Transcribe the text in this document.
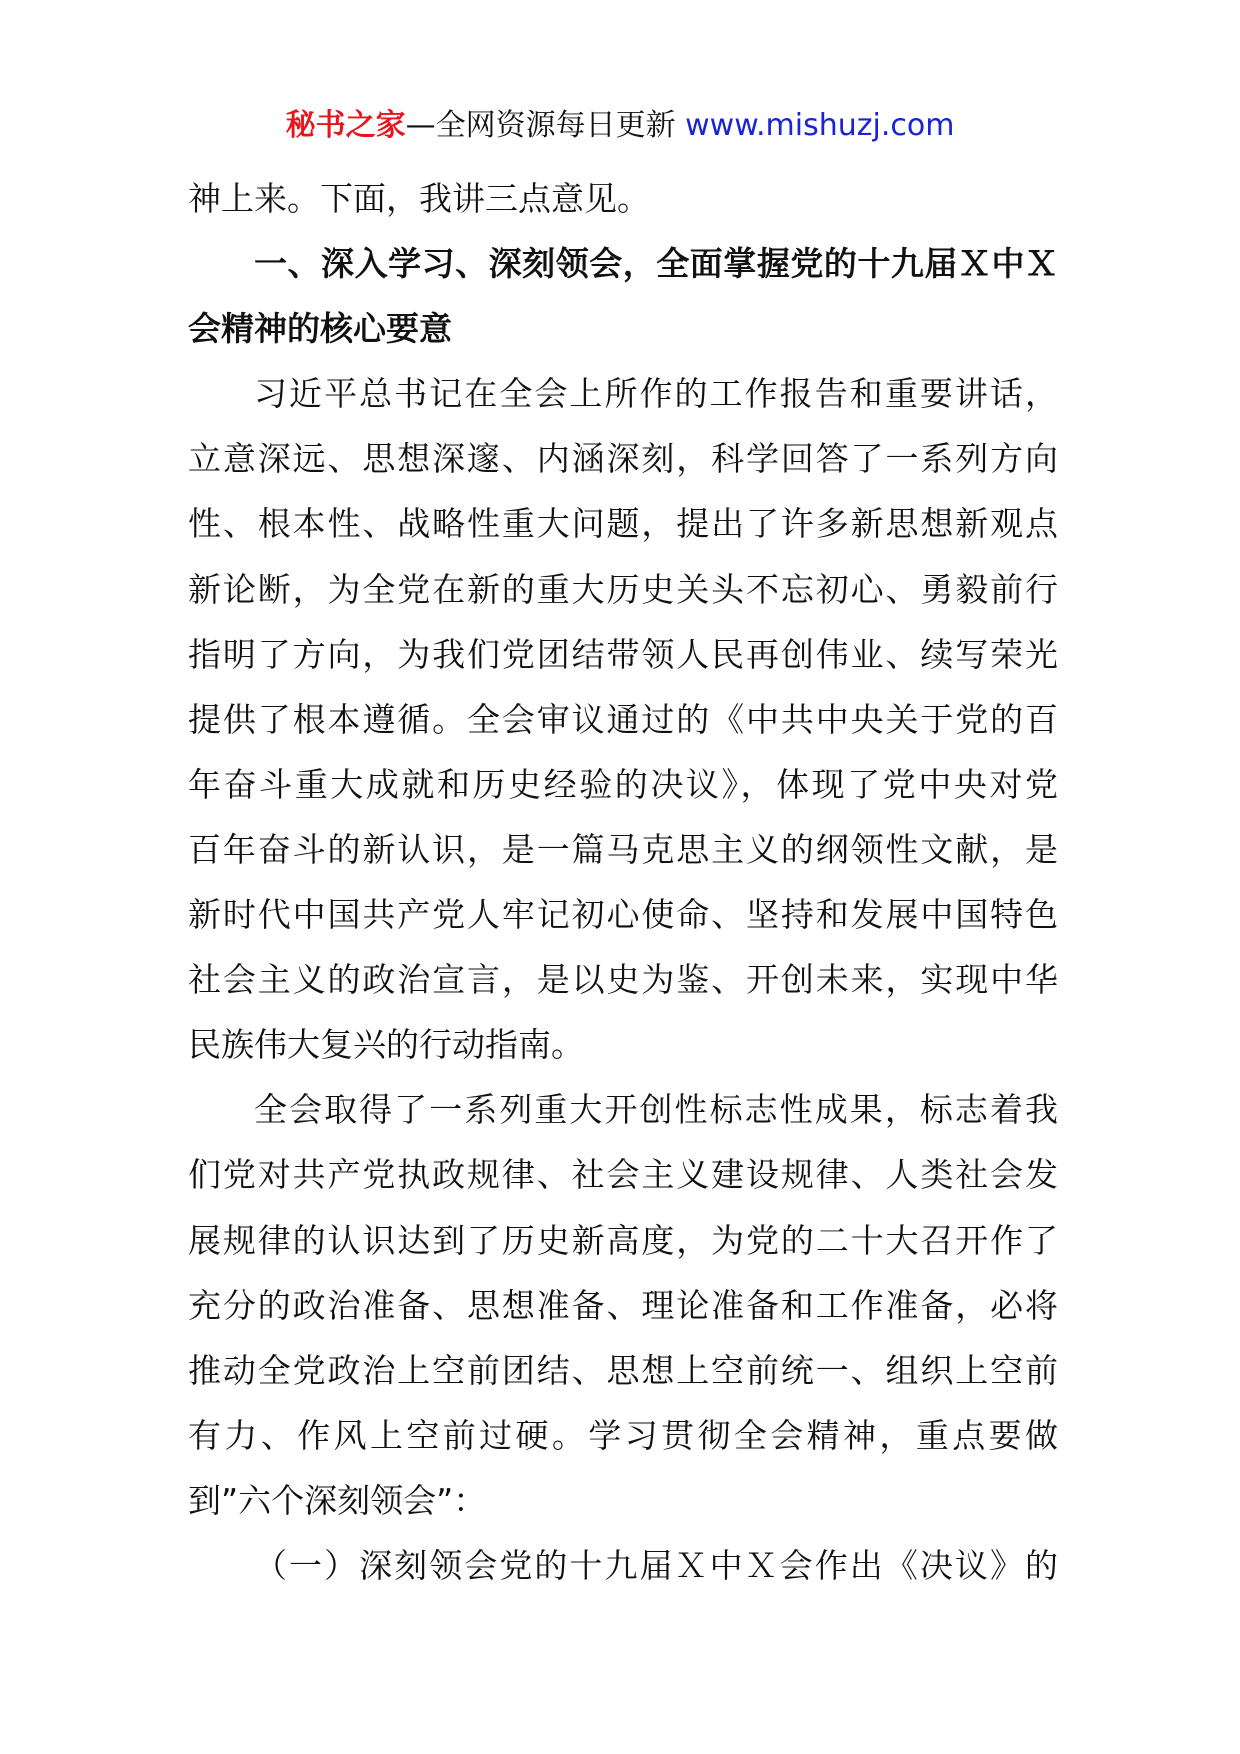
秘书之家—全网资源每日更新 www.mishuzj.com
神上来。下面，我讲三点意见。
一、深入学习、深刻领会，全面掌握党的十九届Ｘ中Ｘ
会精神的核心要意
习近平总书记在全会上所作的工作报告和重要讲话，
立意深远、思想深邃、内涵深刻，科学回答了一系列方向
性、根本性、战略性重大问题，提出了许多新思想新观点
新论断，为全党在新的重大历史关头不忘初心、勇毅前行
指明了方向，为我们党团结带领人民再创伟业、续写荣光
提供了根本遵循。全会审议通过的《中共中央关于党的百
年奋斗重大成就和历史经验的决议》，体现了党中央对党
百年奋斗的新认识，是一篇马克思主义的纲领性文献，是
新时代中国共产党人牢记初心使命、坚持和发展中国特色
社会主义的政治宣言，是以史为鉴、开创未来，实现中华
民族伟大复兴的行动指南。
全会取得了一系列重大开创性标志性成果，标志着我
们党对共产党执政规律、社会主义建设规律、人类社会发
展规律的认识达到了历史新高度，为党的二十大召开作了
充分的政治准备、思想准备、理论准备和工作准备，必将
推动全党政治上空前团结、思想上空前统一、组织上空前
有力、作风上空前过硬。学习贯彻全会精神，重点要做
到”六个深刻领会”：
（一）深刻领会党的十九届Ｘ中Ｘ会作出《决议》的
